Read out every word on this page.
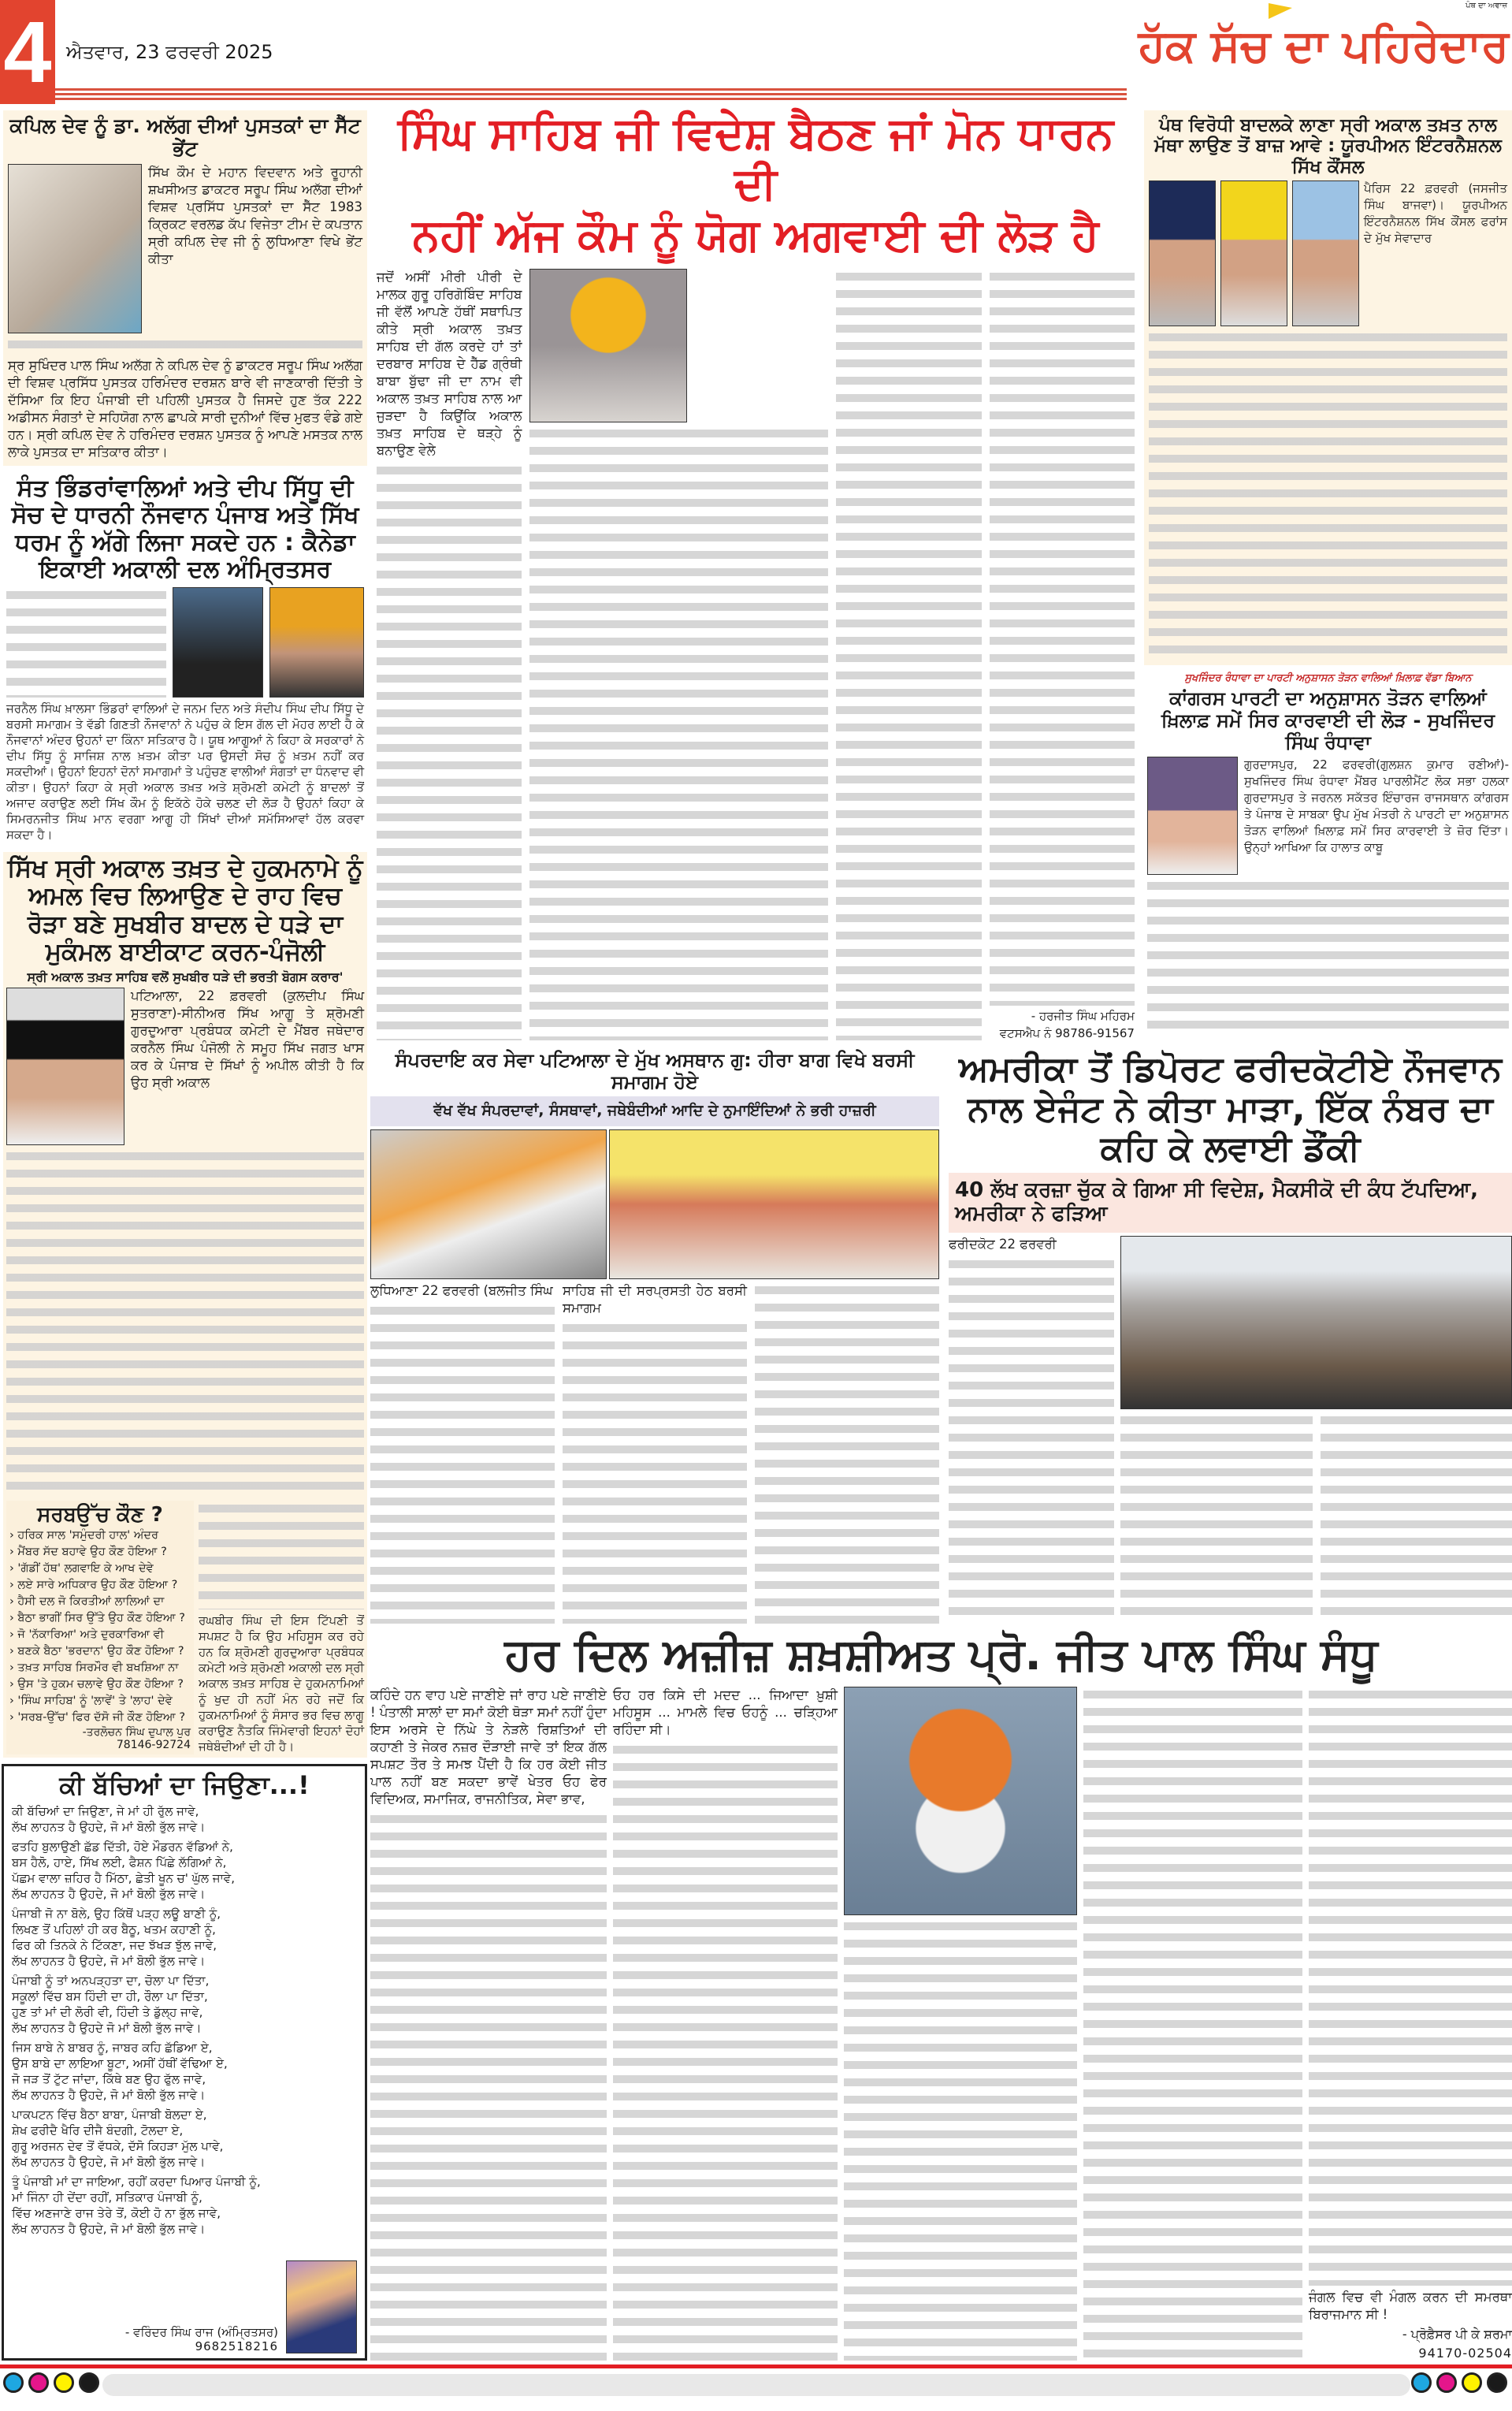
4 ਐਤਵਾਰ, 23 ਫਰਵਰੀ 2025
ਪੰਥ ਦਾ ਅਵਾਜ਼
ਹੱਕ ਸੱਚ ਦਾ ਪਹਿਰੇਦਾਰ
ਕਪਿਲ ਦੇਵ ਨੂੰ ਡਾ. ਅਲੱਗ ਦੀਆਂ ਪੁਸਤਕਾਂ ਦਾ ਸੈੱਟ ਭੇਂਟ
ਸਿੱਖ ਕੌਮ ਦੇ ਮਹਾਨ ਵਿਦਵਾਨ ਅਤੇ ਰੂਹਾਨੀ ਸ਼ਖਸੀਅਤ ਡਾਕਟਰ ਸਰੂਪ ਸਿੰਘ ਅਲੱਗ ਦੀਆਂ ਵਿਸ਼ਵ ਪ੍ਰਸਿੱਧ ਪੁਸਤਕਾਂ ਦਾ ਸੈੱਟ 1983 ਕ੍ਰਿਕਟ ਵਰਲਡ ਕੱਪ ਵਿਜੇਤਾ ਟੀਮ ਦੇ ਕਪਤਾਨ ਸ੍ਰੀ ਕਪਿਲ ਦੇਵ ਜੀ ਨੂੰ ਲੁਧਿਆਣਾ ਵਿਖੇ ਭੇਂਟ ਕੀਤਾ
ਸ੍ਰ ਸੁਖਿੰਦਰ ਪਾਲ ਸਿੰਘ ਅਲੱਗ ਨੇ ਕਪਿਲ ਦੇਵ ਨੂੰ ਡਾਕਟਰ ਸਰੂਪ ਸਿੰਘ ਅਲੱਗ ਦੀ ਵਿਸ਼ਵ ਪ੍ਰਸਿੱਧ ਪੁਸਤਕ ਹਰਿਮੰਦਰ ਦਰਸ਼ਨ ਬਾਰੇ ਵੀ ਜਾਣਕਾਰੀ ਦਿੱਤੀ ਤੇ ਦੱਸਿਆ ਕਿ ਇਹ ਪੰਜਾਬੀ ਦੀ ਪਹਿਲੀ ਪੁਸਤਕ ਹੈ ਜਿਸਦੇ ਹੁਣ ਤੱਕ 222 ਅਡੀਸਨ ਸੰਗਤਾਂ ਦੇ ਸਹਿਯੋਗ ਨਾਲ ਛਾਪਕੇ ਸਾਰੀ ਦੁਨੀਆਂ ਵਿੱਚ ਮੁਫਤ ਵੰਡੇ ਗਏ ਹਨ। ਸ੍ਰੀ ਕਪਿਲ ਦੇਵ ਨੇ ਹਰਿਮੰਦਰ ਦਰਸ਼ਨ ਪੁਸਤਕ ਨੂੰ ਆਪਣੇ ਮਸਤਕ ਨਾਲ ਲਾਕੇ ਪੁਸਤਕ ਦਾ ਸਤਿਕਾਰ ਕੀਤਾ।
ਸੰਤ ਭਿੰਡਰਾਂਵਾਲਿਆਂ ਅਤੇ ਦੀਪ ਸਿੱਧੂ ਦੀ ਸੋਚ ਦੇ ਧਾਰਨੀ ਨੌਜਵਾਨ ਪੰਜਾਬ ਅਤੇ ਸਿੱਖ ਧਰਮ ਨੂੰ ਅੱਗੇ ਲਿਜਾ ਸਕਦੇ ਹਨ : ਕੈਨੇਡਾ ਇਕਾਈ ਅਕਾਲੀ ਦਲ ਅੰਮ੍ਰਿਤਸਰ
ਜਰਨੈਲ ਸਿੰਘ ਖ਼ਾਲਸਾ ਭਿੰਡਰਾਂ ਵਾਲਿਆਂ ਦੇ ਜਨਮ ਦਿਨ ਅਤੇ ਸੰਦੀਪ ਸਿੰਘ ਦੀਪ ਸਿੱਧੂ ਦੇ ਬਰਸੀ ਸਮਾਗਮ ਤੇ ਵੱਡੀ ਗਿਣਤੀ ਨੌਜਵਾਨਾਂ ਨੇ ਪਹੁੰਚ ਕੇ ਇਸ ਗੱਲ ਦੀ ਮੋਹਰ ਲਾਈ ਹੈ ਕੇ ਨੌਜਵਾਨਾਂ ਅੰਦਰ ਉਹਨਾਂ ਦਾ ਕਿੰਨਾ ਸਤਿਕਾਰ ਹੈ। ਯੂਥ ਆਗੂਆਂ ਨੇ ਕਿਹਾ ਕੇ ਸਰਕਾਰਾਂ ਨੇ ਦੀਪ ਸਿੱਧੂ ਨੂੰ ਸਾਜਿਸ਼ ਨਾਲ ਖ਼ਤਮ ਕੀਤਾ ਪਰ ਉਸਦੀ ਸੋਚ ਨੂੰ ਖ਼ਤਮ ਨਹੀਂ ਕਰ ਸਕਦੀਆਂ। ਉਹਨਾਂ ਇਹਨਾਂ ਦੋਨਾਂ ਸਮਾਗਮਾਂ ਤੇ ਪਹੁੰਚਣ ਵਾਲੀਆਂ ਸੰਗਤਾਂ ਦਾ ਧੰਨਵਾਦ ਵੀ ਕੀਤਾ। ਉਹਨਾਂ ਕਿਹਾ ਕੇ ਸ੍ਰੀ ਅਕਾਲ ਤਖ਼ਤ ਅਤੇ ਸ਼੍ਰੋਮਣੀ ਕਮੇਟੀ ਨੂੰ ਬਾਦਲਾਂ ਤੋਂ ਅਜਾਦ ਕਰਾਉਣ ਲਈ ਸਿੱਖ ਕੌਮ ਨੂੰ ਇਕੱਠੇ ਹੋਕੇ ਚਲਣ ਦੀ ਲੋੜ ਹੈ ਉਹਨਾਂ ਕਿਹਾ ਕੇ ਸਿਮਰਨਜੀਤ ਸਿੰਘ ਮਾਨ ਵਰਗਾ ਆਗੂ ਹੀ ਸਿੱਖਾਂ ਦੀਆਂ ਸਮੱਸਿਆਵਾਂ ਹੱਲ ਕਰਵਾ ਸਕਦਾ ਹੈ।
ਸਿੱਖ ਸ੍ਰੀ ਅਕਾਲ ਤਖ਼ਤ ਦੇ ਹੁਕਮਨਾਮੇ ਨੂੰ ਅਮਲ ਵਿਚ ਲਿਆਉਣ ਦੇ ਰਾਹ ਵਿਚ ਰੋੜਾ ਬਣੇ ਸੁਖਬੀਰ ਬਾਦਲ ਦੇ ਧੜੇ ਦਾ ਮੁਕੰਮਲ ਬਾਈਕਾਟ ਕਰਨ-ਪੰਜੋਲੀ
ਸ੍ਰੀ ਅਕਾਲ ਤਖ਼ਤ ਸਾਹਿਬ ਵਲੋਂ ਸੁਖਬੀਰ ਧੜੇ ਦੀ ਭਰਤੀ ਬੋਗਸ ਕਰਾਰ'
ਪਟਿਆਲਾ, 22 ਫ਼ਰਵਰੀ (ਕੁਲਦੀਪ ਸਿੰਘ ਸੁਤਰਾਣਾ)-ਸੀਨੀਅਰ ਸਿੱਖ ਆਗੂ ਤੇ ਸ਼੍ਰੋਮਣੀ ਗੁਰਦੁਆਰਾ ਪ੍ਰਬੰਧਕ ਕਮੇਟੀ ਦੇ ਮੈਂਬਰ ਜਥੇਦਾਰ ਕਰਨੈਲ ਸਿੰਘ ਪੰਜੋਲੀ ਨੇ ਸਮੂਹ ਸਿੱਖ ਜਗਤ ਖਾਸ ਕਰ ਕੇ ਪੰਜਾਬ ਦੇ ਸਿੱਖਾਂ ਨੂੰ ਅਪੀਲ ਕੀਤੀ ਹੈ ਕਿ ਉਹ ਸ੍ਰੀ ਅਕਾਲ
ਸਰਬਉੱਚ ਕੌਣ ?
› ਹਰਿਕ ਸਾਲ 'ਸਮੁੰਦਰੀ ਹਾਲ' ਅੰਦਰ
› ਮੈਂਬਰ ਸੱਦ ਬਹਾਵੇ ਉਹ ਕੌਣ ਹੋਇਆ ?
› 'ਗੱਡੀਂ ਹੱਥ' ਲਗਵਾਇ ਕੇ ਆਖ ਦੇਵੇ
› ਲਏ ਸਾਰੇ ਅਧਿਕਾਰ ਉਹ ਕੌਣ ਹੋਇਆ ?
› ਹੈਸੀ ਦਲ ਜੋ ਕਿਰਤੀਆਂ ਲਾਲਿਆਂ ਦਾ
› ਬੈਠਾ ਭਾਗੀਂ ਸਿਰ ਉੱਤੇ ਉਹ ਕੌਣ ਹੋਇਆ ?
› ਜੋ 'ਨੱਕਾਰਿਆ' ਅਤੇ ਦੁਰਕਾਰਿਆ ਵੀ
› ਬਣਕੇ ਬੈਠਾ 'ਭਰਦਾਨ' ਉਹ ਕੌਣ ਹੋਇਆ ?
› ਤਖ਼ਤ ਸਾਹਿਬ ਸਿਰਮੌਰ ਵੀ ਬਖਸ਼ਿਆ ਨਾ
› ਉਸ 'ਤੇ ਹੁਕਮ ਚਲਾਵੇ ਉਹ ਕੌਣ ਹੋਇਆ ?
› 'ਸਿੰਘ ਸਾਹਿਬ' ਨੂੰ 'ਲਾਵੇਂ' ਤੇ 'ਲਾਹ' ਦੇਵੇ
› 'ਸਰਬ-ਉੱਚ' ਫਿਰ ਦੱਸੋ ਜੀ ਕੌਣ ਹੋਇਆ ?
-ਤਰਲੋਚਨ ਸਿੰਘ ਦੁਪਾਲ ਪੁਰ
78146-92724
ਰਘਬੀਰ ਸਿੰਘ ਦੀ ਇਸ ਟਿੱਪਣੀ ਤੋਂ ਸਪਸ਼ਟ ਹੈ ਕਿ ਉਹ ਮਹਿਸੂਸ ਕਰ ਰਹੇ ਹਨ ਕਿ ਸ਼੍ਰੋਮਣੀ ਗੁਰਦੁਆਰਾ ਪ੍ਰਬੰਧਕ ਕਮੇਟੀ ਅਤੇ ਸ਼੍ਰੋਮਣੀ ਅਕਾਲੀ ਦਲ ਸ੍ਰੀ ਅਕਾਲ ਤਖ਼ਤ ਸਾਹਿਬ ਦੇ ਹੁਕਮਨਾਮਿਆਂ ਨੂੰ ਖੁਦ ਹੀ ਨਹੀਂ ਮੰਨ ਰਹੇ ਜਦੋਂ ਕਿ ਹੁਕਮਨਾਮਿਆਂ ਨੂੰ ਸੰਸਾਰ ਭਰ ਵਿਚ ਲਾਗੂ ਕਰਾਉਣ ਨੈਤਕਿ ਜਿੰਮੇਵਾਰੀ ਇਹਨਾਂ ਦੋਹਾਂ ਜਥੇਬੰਦੀਆਂ ਦੀ ਹੀ ਹੈ।
ਕੀ ਬੱਚਿਆਂ ਦਾ ਜਿਉਣਾ...!
ਕੀ ਬੱਚਿਆਂ ਦਾ ਜਿਉਣਾ, ਜੇ ਮਾਂ ਹੀ ਰੁੱਲ ਜਾਵੇ,
ਲੱਖ ਲਾਹਨਤ ਹੈ ਉਹਦੇ, ਜੋ ਮਾਂ ਬੋਲੀ ਭੁੱਲ ਜਾਵੇ।
ਫਤਹਿ ਬੁਲਾਉਣੀ ਛੱਡ ਦਿੱਤੀ, ਹੋਏ ਮੌਡਰਨ ਵੱਡਿਆਂ ਨੇ,
ਬਸ ਹੈਲੋ, ਹਾਏ, ਸਿੱਖ ਲਈ, ਫੈਸ਼ਨ ਪਿੱਛੇ ਲੱਗਿਆਂ ਨੇ,
ਪੱਛਮ ਵਾਲਾ ਜ਼ਹਿਰ ਹੈ ਮਿੱਠਾ, ਛੇਤੀ ਖੂਨ ਚ' ਘੁੱਲ ਜਾਵੇ,
ਲੱਖ ਲਾਹਨਤ ਹੈ ਉਹਦੇ, ਜੋ ਮਾਂ ਬੋਲੀ ਭੁੱਲ ਜਾਵੇ।
ਪੰਜਾਬੀ ਜੋ ਨਾ ਬੋਲੇ, ਉਹ ਕਿੱਥੋਂ ਪੜ੍ਹ ਲਊ ਬਾਣੀ ਨੂੰ,
ਲਿਖਣ ਤੋਂ ਪਹਿਲਾਂ ਹੀ ਕਰ ਬੈਠੂ, ਖਤਮ ਕਹਾਣੀ ਨੂੰ,
ਫਿਰ ਕੀ ਤਿਨਕੇ ਨੇ ਟਿੱਕਣਾ, ਜਦ ਝੱਖੜ ਝੁੱਲ ਜਾਵੇ,
ਲੱਖ ਲਾਹਨਤ ਹੈ ਉਹਦੇ, ਜੋ ਮਾਂ ਬੋਲੀ ਭੁੱਲ ਜਾਵੇ।
ਪੰਜਾਬੀ ਨੂੰ ਤਾਂ ਅਨਪੜ੍ਹਤਾ ਦਾ, ਚੋਲਾ ਪਾ ਦਿੱਤਾ,
ਸਕੂਲਾਂ ਵਿੱਚ ਬਸ ਹਿੰਦੀ ਦਾ ਹੀ, ਰੌਲਾ ਪਾ ਦਿੱਤਾ,
ਹੁਣ ਤਾਂ ਮਾਂ ਦੀ ਲੋਰੀ ਵੀ, ਹਿੰਦੀ ਤੇ ਡੁੱਲ੍ਹ ਜਾਵੇ,
ਲੱਖ ਲਾਹਨਤ ਹੈ ਉਹਦੇ ਜੋ ਮਾਂ ਬੋਲੀ ਭੁੱਲ ਜਾਵੇ।
ਜਿਸ ਬਾਬੇ ਨੇ ਬਾਬਰ ਨੂੰ, ਜਾਬਰ ਕਹਿ ਛੱਡਿਆ ਏ,
ਉਸ ਬਾਬੇ ਦਾ ਲਾਇਆ ਬੂਟਾ, ਅਸੀਂ ਹੱਥੀਂ ਵੱਢਿਆ ਏ,
ਜੋ ਜੜ ਤੋਂ ਟੁੱਟ ਜਾਂਦਾ, ਕਿੱਥੇ ਬਣ ਉਹ ਫੁੱਲ ਜਾਵੇ,
ਲੱਖ ਲਾਹਨਤ ਹੈ ਉਹਦੇ, ਜੋ ਮਾਂ ਬੋਲੀ ਭੁੱਲ ਜਾਵੇ।
ਪਾਕਪਟਨ ਵਿੱਚ ਬੈਠਾ ਬਾਬਾ, ਪੰਜਾਬੀ ਬੋਲਦਾ ਏ,
ਸ਼ੇਖ ਫਰੀਦੈ ਖੈਰਿ ਦੀਜੈ ਬੰਦਗੀ, ਟੋਲਦਾ ਏ,
ਗੁਰੂ ਅਰਜਨ ਦੇਵ ਤੋਂ ਵੱਧਕੇ, ਦੱਸੋ ਕਿਹੜਾ ਮੁੱਲ ਪਾਵੇ,
ਲੱਖ ਲਾਹਨਤ ਹੈ ਉਹਦੇ, ਜੋ ਮਾਂ ਬੋਲੀ ਭੁੱਲ ਜਾਵੇ।
ਤੂੰ ਪੰਜਾਬੀ ਮਾਂ ਦਾ ਜਾਇਆ, ਰਹੀਂ ਕਰਦਾ ਪਿਆਰ ਪੰਜਾਬੀ ਨੂੰ,
ਮਾਂ ਜਿੰਨਾ ਹੀ ਦੇਂਦਾ ਰਹੀਂ, ਸਤਿਕਾਰ ਪੰਜਾਬੀ ਨੂੰ,
ਵਿੱਚ ਅਣਜਾਣੇ ਰਾਜ ਤੇਰੇ ਤੋਂ, ਕੋਈ ਹੋ ਨਾ ਭੁੱਲ ਜਾਵੇ,
ਲੱਖ ਲਾਹਨਤ ਹੈ ਉਹਦੇ, ਜੋ ਮਾਂ ਬੋਲੀ ਭੁੱਲ ਜਾਵੇ।
- ਵਰਿੰਦਰ ਸਿੰਘ ਰਾਜ (ਅੰਮ੍ਰਿਤਸਰ)
9682518216
ਸਿੰਘ ਸਾਹਿਬ ਜੀ ਵਿਦੇਸ਼ ਬੈਠਣ ਜਾਂ ਮੋਨ ਧਾਰਨ ਦੀ
ਨਹੀਂ ਅੱਜ ਕੌਮ ਨੂੰ ਯੋਗ ਅਗਵਾਈ ਦੀ ਲੋੜ ਹੈ
ਜਦੋਂ ਅਸੀਂ ਮੀਰੀ ਪੀਰੀ ਦੇ ਮਾਲਕ ਗੁਰੂ ਹਰਿਗੋਬਿੰਦ ਸਾਹਿਬ ਜੀ ਵੱਲੋਂ ਆਪਣੇ ਹੱਥੀਂ ਸਥਾਪਿਤ ਕੀਤੇ ਸ੍ਰੀ ਅਕਾਲ ਤਖ਼ਤ ਸਾਹਿਬ ਦੀ ਗੱਲ ਕਰਦੇ ਹਾਂ ਤਾਂ ਦਰਬਾਰ ਸਾਹਿਬ ਦੇ ਹੈੱਡ ਗ੍ਰੰਥੀ ਬਾਬਾ ਬੁੱਢਾ ਜੀ ਦਾ ਨਾਮ ਵੀ ਅਕਾਲ ਤਖ਼ਤ ਸਾਹਿਬ ਨਾਲ ਆ ਜੁੜਦਾ ਹੈ ਕਿਉਂਕਿ ਅਕਾਲ ਤਖ਼ਤ ਸਾਹਿਬ ਦੇ ਥੜ੍ਹੇ ਨੂੰ ਬਨਾਉਣ ਵੇਲੇ
- ਹਰਜੀਤ ਸਿੰਘ ਮਹਿਰਮ
ਵਟਸਐਪ ਨੰ 98786-91567
ਪੰਥ ਵਿਰੋਧੀ ਬਾਦਲਕੇ ਲਾਣਾ ਸ੍ਰੀ ਅਕਾਲ ਤਖ਼ਤ ਨਾਲ ਮੱਥਾ ਲਾਉਣ ਤੋਂ ਬਾਜ਼ ਆਵੇ : ਯੂਰਪੀਅਨ ਇੰਟਰਨੈਸ਼ਨਲ ਸਿੱਖ ਕੌਂਸਲ
ਪੈਰਿਸ 22 ਫ਼ਰਵਰੀ (ਜਸਜੀਤ ਸਿੰਘ ਬਾਜਵਾ)। ਯੂਰਪੀਅਨ ਇੰਟਰਨੈਸ਼ਨਲ ਸਿੱਖ ਕੌਂਸਲ ਫਰਾਂਸ ਦੇ ਮੁੱਖ ਸੇਵਾਦਾਰ
ਸੁਖਜਿੰਦਰ ਰੰਧਾਵਾ ਦਾ ਪਾਰਟੀ ਅਨੁਸ਼ਾਸਨ ਤੋੜਨ ਵਾਲਿਆਂ ਖ਼ਿਲਾਫ਼ ਵੱਡਾ ਬਿਆਨ
ਕਾਂਗਰਸ ਪਾਰਟੀ ਦਾ ਅਨੁਸ਼ਾਸਨ ਤੋੜਨ ਵਾਲਿਆਂ ਖ਼ਿਲਾਫ਼ ਸਮੇਂ ਸਿਰ ਕਾਰਵਾਈ ਦੀ ਲੋੜ - ਸੁਖਜਿੰਦਰ ਸਿੰਘ ਰੰਧਾਵਾ
ਗੁਰਦਾਸਪੁਰ, 22 ਫਰਵਰੀ(ਗੁਲਸ਼ਨ ਕੁਮਾਰ ਰਣੀਆਂ)- ਸੁਖਜਿੰਦਰ ਸਿੰਘ ਰੰਧਾਵਾ ਮੈਂਬਰ ਪਾਰਲੀਮੈਂਟ ਲੋਕ ਸਭਾ ਹਲਕਾ ਗੁਰਦਾਸਪੁਰ ਤੇ ਜਰਨਲ ਸਕੱਤਰ ਇੰਚਾਰਜ ਰਾਜਸਥਾਨ ਕਾਂਗਰਸ ਤੇ ਪੰਜਾਬ ਦੇ ਸਾਬਕਾ ਉਪ ਮੁੱਖ ਮੰਤਰੀ ਨੇ ਪਾਰਟੀ ਦਾ ਅਨੁਸ਼ਾਸਨ ਤੋੜਨ ਵਾਲਿਆਂ ਖ਼ਿਲਾਫ਼ ਸਮੇਂ ਸਿਰ ਕਾਰਵਾਈ ਤੇ ਜ਼ੋਰ ਦਿੱਤਾ।ਉਨ੍ਹਾਂ ਆਖਿਆ ਕਿ ਹਾਲਾਤ ਕਾਬੂ
ਸੰਪਰਦਾਇ ਕਰ ਸੇਵਾ ਪਟਿਆਲਾ ਦੇ ਮੁੱਖ ਅਸਥਾਨ ਗੁ: ਹੀਰਾ ਬਾਗ ਵਿਖੇ ਬਰਸੀ ਸਮਾਗਮ ਹੋਏ
ਵੱਖ ਵੱਖ ਸੰਪਰਦਾਵਾਂ, ਸੰਸਥਾਵਾਂ, ਜਥੇਬੰਦੀਆਂ ਆਦਿ ਦੇ ਨੁਮਾਇੰਦਿਆਂ ਨੇ ਭਰੀ ਹਾਜ਼ਰੀ
ਲੁਧਿਆਣਾ 22 ਫਰਵਰੀ (ਬਲਜੀਤ ਸਿੰਘ ਸਾਹਿਬ ਜੀ ਦੀ ਸਰਪ੍ਰਸਤੀ ਹੇਠ ਬਰਸੀ ਸਮਾਗਮ
ਅਮਰੀਕਾ ਤੋਂ ਡਿਪੋਰਟ ਫਰੀਦਕੋਟੀਏ ਨੌਜਵਾਨ ਨਾਲ ਏਜੰਟ ਨੇ ਕੀਤਾ ਮਾੜਾ, ਇੱਕ ਨੰਬਰ ਦਾ ਕਹਿ ਕੇ ਲਵਾਈ ਡੌਂਕੀ
40 ਲੱਖ ਕਰਜ਼ਾ ਚੁੱਕ ਕੇ ਗਿਆ ਸੀ ਵਿਦੇਸ਼, ਮੈਕਸੀਕੋ ਦੀ ਕੰਧ ਟੱਪਦਿਆ, ਅਮਰੀਕਾ ਨੇ ਫੜਿਆ
ਫਰੀਦਕੋਟ 22 ਫਰਵਰੀ
ਹਰ ਦਿਲ ਅਜ਼ੀਜ਼ ਸ਼ਖ਼ਸ਼ੀਅਤ ਪ੍ਰੋ. ਜੀਤ ਪਾਲ ਸਿੰਘ ਸੰਧੂ
ਕਹਿੰਦੇ ਹਨ ਵਾਹ ਪਏ ਜਾਣੀਏ ਜਾਂ ਰਾਹ ਪਏ ਜਾਣੀਏ ! ਪੰਤਾਲੀ ਸਾਲਾਂ ਦਾ ਸਮਾਂ ਕੋਈ ਥੋੜਾ ਸਮਾਂ ਨਹੀਂ ਹੁੰਦਾ ਇਸ ਅਰਸੇ ਦੇ ਨਿੱਘੇ ਤੇ ਨੇੜਲੇ ਰਿਸ਼ਤਿਆਂ ਦੀ ਕਹਾਣੀ ਤੇ ਜੇਕਰ ਨਜ਼ਰ ਦੌੜਾਈ ਜਾਵੇ ਤਾਂ ਇਕ ਗੱਲ ਸਪਸ਼ਟ ਤੌਰ ਤੇ ਸਮਝ ਪੈਂਦੀ ਹੈ ਕਿ ਹਰ ਕੋਈ ਜੀਤ ਪਾਲ ਨਹੀਂ ਬਣ ਸਕਦਾ ਭਾਵੇਂ ਖੇਤਰ ਓਹ ਫੇਰ ਵਿਦਿਅਕ, ਸਮਾਜਿਕ, ਰਾਜਨੀਤਿਕ, ਸੇਵਾ ਭਾਵ,
ਓਹ ਹਰ ਕਿਸੇ ਦੀ ਮਦਦ ... ਜਿਆਦਾ ਖ਼ੁਸ਼ੀ ਮਹਿਸੂਸ ... ਮਾਮਲੇ ਵਿਚ ਓਹਨੂੰ ... ਚੜ੍ਹਿਆ ਰਹਿੰਦਾ ਸੀ।
ਜੰਗਲ ਵਿਚ ਵੀ ਮੰਗਲ ਕਰਨ ਦੀ ਸਮਰਥਾ ਬਿਰਾਜਮਾਨ ਸੀ !
- ਪ੍ਰੋਫ਼ੈਸਰ ਪੀ ਕੇ ਸ਼ਰਮਾ
94170-02504
